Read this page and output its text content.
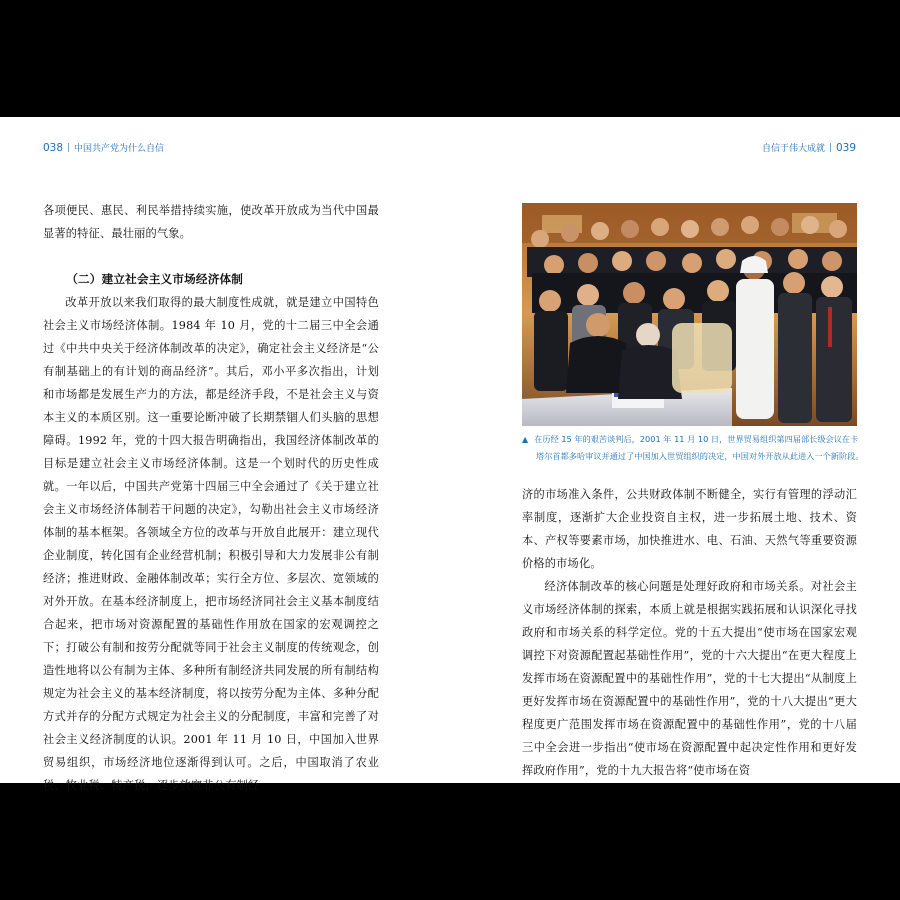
038 中国共产党为什么自信	自信于伟大成就 039

各项便民、惠民、利民举措持续实施，使改革开放成为当代中国最显著的特征、最壮丽的气象。

（二）建立社会主义市场经济体制

改革开放以来我们取得的最大制度性成就，就是建立中国特色社会主义市场经济体制。1984 年 10 月，党的十二届三中全会通过《中共中央关于经济体制改革的决定》，确定社会主义经济是“公有制基础上的有计划的商品经济”。其后，邓小平多次指出，计划和市场都是发展生产力的方法，都是经济手段，不是社会主义与资本主义的本质区别。这一重要论断冲破了长期禁锢人们头脑的思想障碍。1992 年，党的十四大报告明确指出，我国经济体制改革的目标是建立社会主义市场经济体制。这是一个划时代的历史性成就。一年以后，中国共产党第十四届三中全会通过了《关于建立社会主义市场经济体制若干问题的决定》，勾勒出社会主义市场经济体制的基本框架。各领域全方位的改革与开放自此展开：建立现代企业制度，转化国有企业经营机制；积极引导和大力发展非公有制经济；推进财政、金融体制改革；实行全方位、多层次、宽领域的对外开放。在基本经济制度上，把市场经济同社会主义基本制度结合起来，把市场对资源配置的基础性作用放在国家的宏观调控之下；打破公有制和按劳分配就等同于社会主义制度的传统观念，创造性地将以公有制为主体、多种所有制经济共同发展的所有制结构规定为社会主义的基本经济制度，将以按劳分配为主体、多种分配方式并存的分配方式规定为社会主义的分配制度，丰富和完善了对社会主义经济制度的认识。2001 年 11 月 10 日，中国加入世界贸易组织，市场经济地位逐渐得到认可。之后，中国取消了农业税、牧业税、特产税，逐步放宽非公有制经

▲ 在历经 15 年的艰苦谈判后，2001 年 11 月 10 日，世界贸易组织第四届部长级会议在卡
塔尔首都多哈审议并通过了中国加入世贸组织的决定，中国对外开放从此进入一个新阶段。

济的市场准入条件，公共财政体制不断健全，实行有管理的浮动汇率制度，逐渐扩大企业投资自主权，进一步拓展土地、技术、资本、产权等要素市场，加快推进水、电、石油、天然气等重要资源价格的市场化。

经济体制改革的核心问题是处理好政府和市场关系。对社会主义市场经济体制的探索，本质上就是根据实践拓展和认识深化寻找政府和市场关系的科学定位。党的十五大提出“使市场在国家宏观调控下对资源配置起基础性作用”，党的十六大提出“在更大程度上发挥市场在资源配置中的基础性作用”，党的十七大提出“从制度上更好发挥市场在资源配置中的基础性作用”，党的十八大提出“更大程度更广范围发挥市场在资源配置中的基础性作用”，党的十八届三中全会进一步指出“使市场在资源配置中起决定性作用和更好发挥政府作用”，党的十九大报告将“使市场在资
